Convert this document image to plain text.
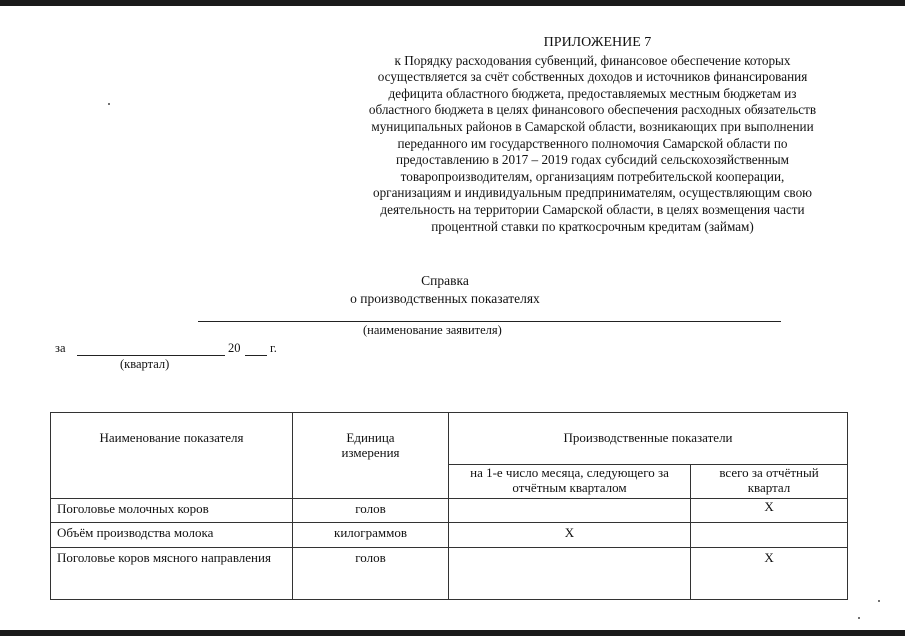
ПРИЛОЖЕНИЕ 7
к Порядку расходования субвенций, финансовое обеспечение которых
осуществляется за счёт собственных доходов и источников финансирования
дефицита областного бюджета, предоставляемых местным бюджетам из
областного бюджета в целях финансового обеспечения расходных обязательств
муниципальных районов в Самарской области, возникающих при выполнении
переданного им государственного полномочия Самарской области по
предоставлению в 2017 – 2019 годах субсидий сельскохозяйственным
товаропроизводителям, организациям потребительской кооперации,
организациям и индивидуальным предпринимателям, осуществляющим свою
деятельность на территории Самарской области, в целях возмещения части
процентной ставки по краткосрочным кредитам (займам)
Справка
о производственных показателях
(наименование заявителя)
за	20 г.
(квартал)
Наименование показателя	Единица измерения	Производственные показатели	

		на 1-е число месяца, следующего за отчётным кварталом	всего за отчётный квартал

Поголовье молочных коров	голов		Х

Объём производства молока	килограммов	Х	

Поголовье коров мясного направления	голов		Х
